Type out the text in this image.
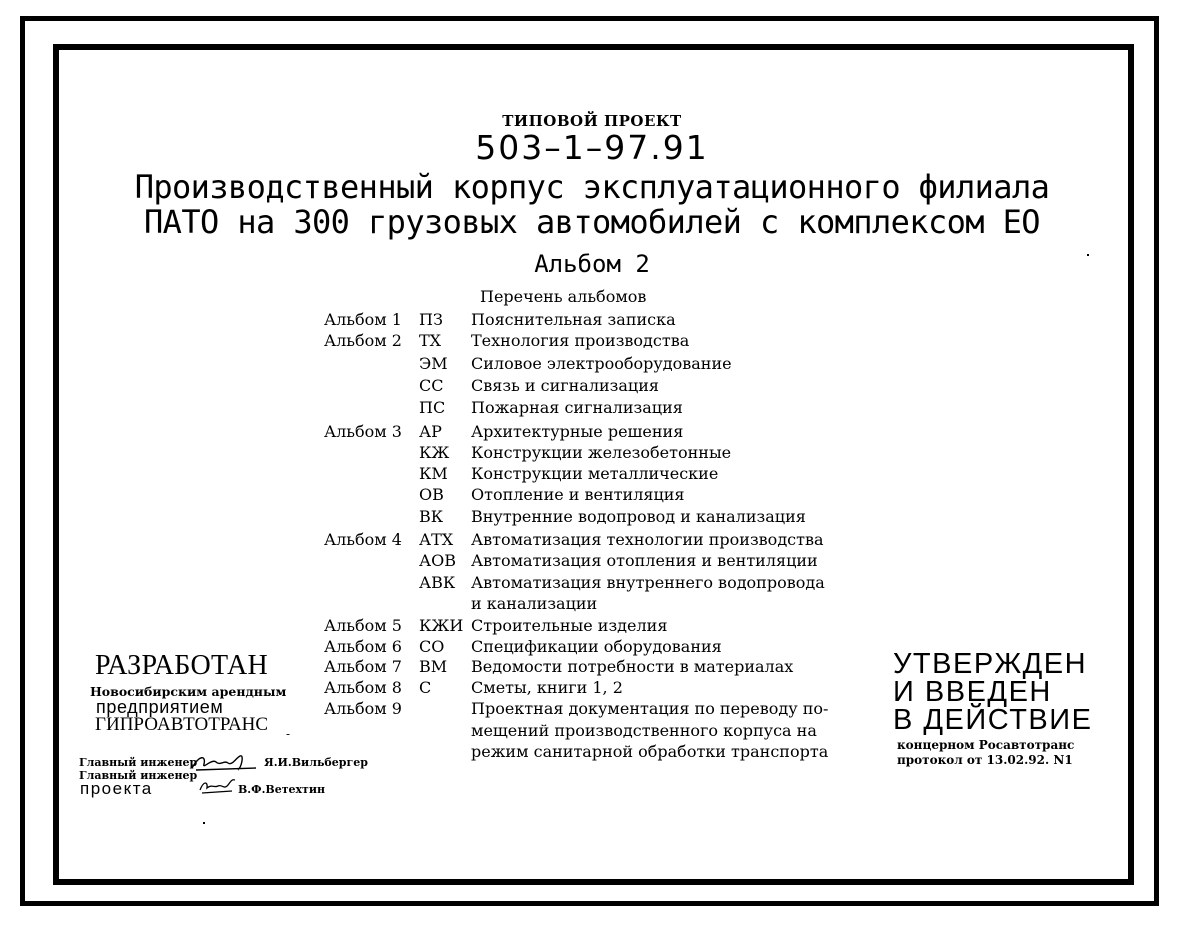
ТИПОВОЙ ПРОЕКТ
503–1–97.91
Производственный корпус эксплуатационного филиала
ПАТО на 300 грузовых автомобилей с комплексом ЕО
Альбом 2
Перечень альбомов
Альбом 1 ПЗ Пояснительная записка
Альбом 2 ТХ Технология производства
ЭМ Силовое электрооборудование
СС Связь и сигнализация
ПС Пожарная сигнализация
Альбом 3 АР Архитектурные решения
КЖ Конструкции железобетонные
КМ Конструкции металлические
ОВ Отопление и вентиляция
ВК Внутренние водопровод и канализация
Альбом 4 АТХ Автоматизация технологии производства
АОВ Автоматизация отопления и вентиляции
АВК Автоматизация внутреннего водопровода
и канализации
Альбом 5 КЖИ Строительные изделия
Альбом 6 СО Спецификации оборудования
Альбом 7 ВМ Ведомости потребности в материалах
Альбом 8 С Сметы, книги 1, 2
Альбом 9	Проектная документация по переводу по-
мещений производственного корпуса на
режим санитарной обработки транспорта
РАЗРАБОТАН
Новосибирским арендным
предприятием
ГИПРОАВТОТРАНС -
Главный инженер	Я.И.Вильбергер
Главный инженер
проекта	В.Ф.Ветехтин
УТВЕРЖДЕН
И ВВЕДЕН
В ДЕЙСТВИЕ
концерном Росавтотранс
протокол от 13.02.92. N1
